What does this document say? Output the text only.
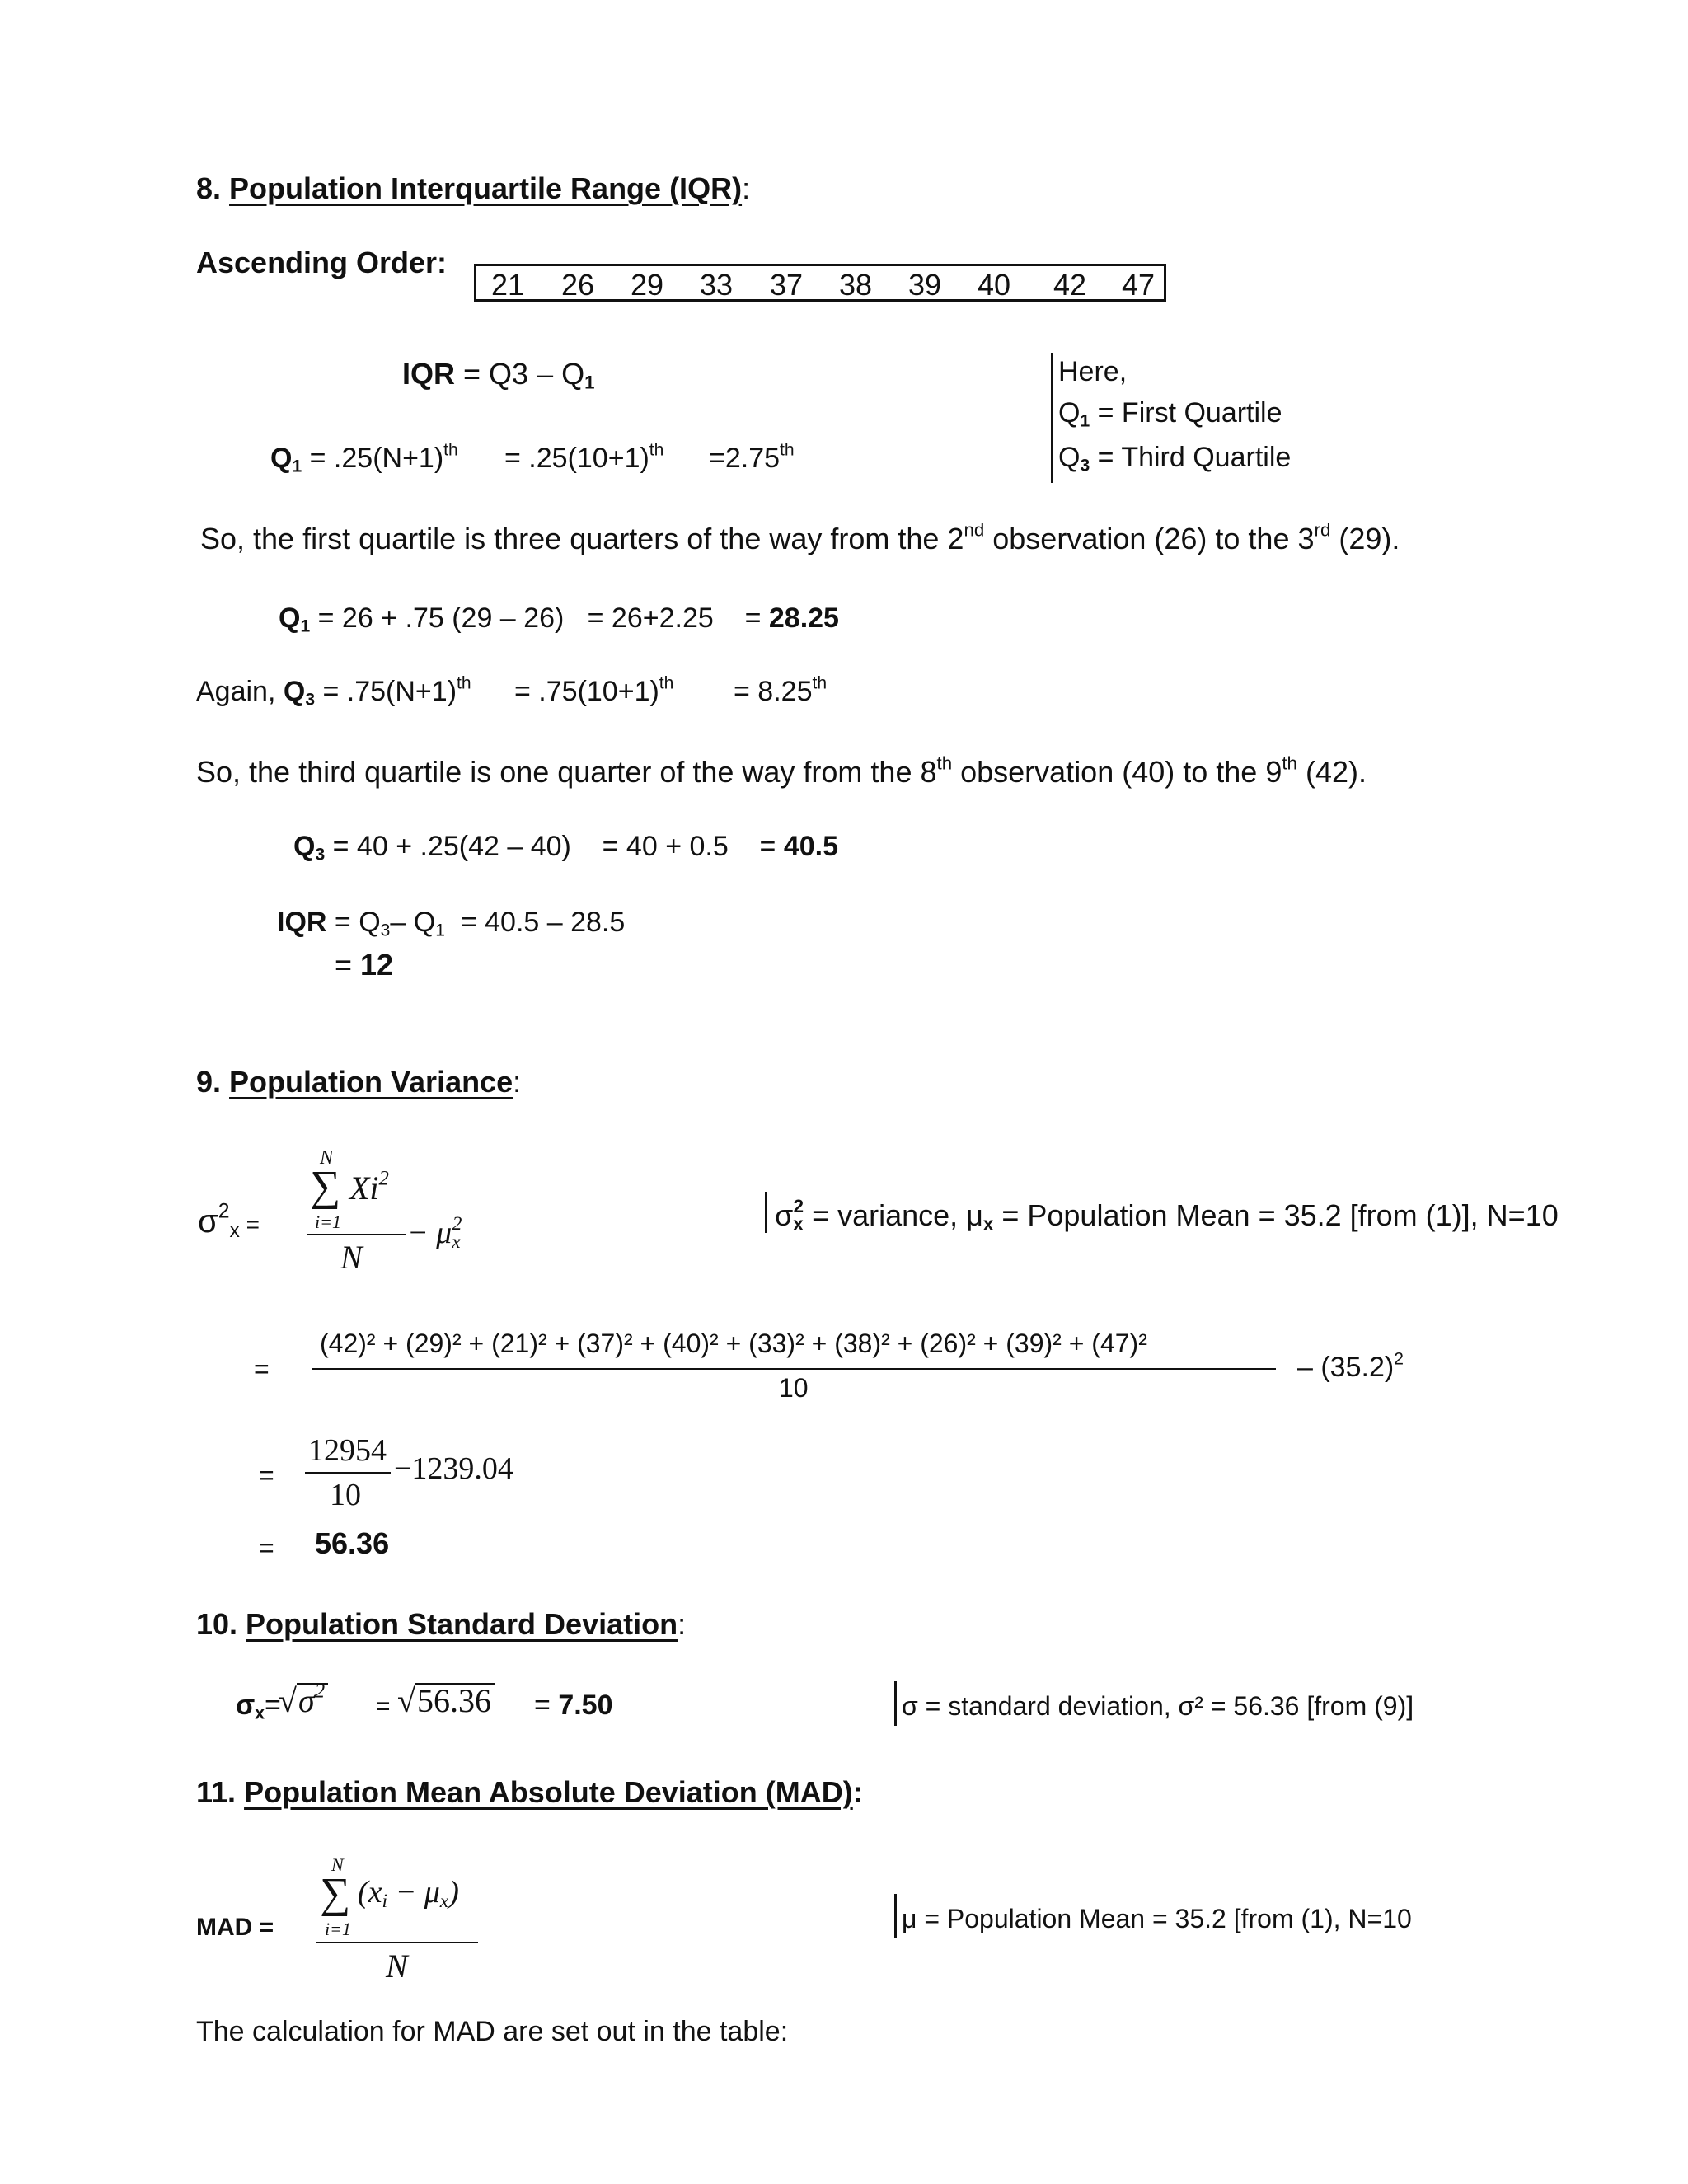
8. Population Interquartile Range (IQR):
Ascending Order:
21 26 29 33 37 38 39 40 42 47
IQR = $Q3 - Q_1$	Here,
$Q_1$ = First Quartile
$Q_3$ = Third Quartile
$Q_1 = .25(N+1)^{th} = .25(10+1)^{th} =2.75th$
So, the first quartile is three quarters of the way from the 2nd observation (26) to the 3rd (29).
$Q_1 = 26 + .75$ (29 – 26)   = 26+2.25    = 28.25
Again, $Q_3 = .75(N+1)^{th} = .75(10+1)^{th} = 8.25th$
So, the third quartile is one quarter of the way from the 8th observation (40) to the 9th (42).
$Q_3 = 40 + .25(42 - 40)$    = 40 + 0.5    = 40.5
IQR = $Q_3-$ $Q_1 = 40.5 - 28.5$
= 12
9. Population Variance:
$\sigma^2_x$ =
N
∑ Xi$^2$
i=1
N
− $\mu_x^2$	$\sigma_x^2$ = variance, $\mu_x$ = Population Mean = 35.2 [from (1)], N=10
=
(42)² + (29)² + (21)² + (37)² + (40)² + (33)² + (38)² + (26)² + (39)² + (47)²
10
– $(35.2)^2$
=
12954
10
−1239.04
= 56.36
10. Population Standard Deviation:
$\sigma_x=$
$√\sigma^2$
= √56.36 = 7.50	σ = standard deviation, σ² = 56.36 [from (9)]
11. Population Mean Absolute Deviation (MAD):
MAD =
N
∑ $(x_i - \mu_x)$
i=1
N
μ = Population Mean = 35.2 [from (1), N=10
The calculation for MAD are set out in the table:
